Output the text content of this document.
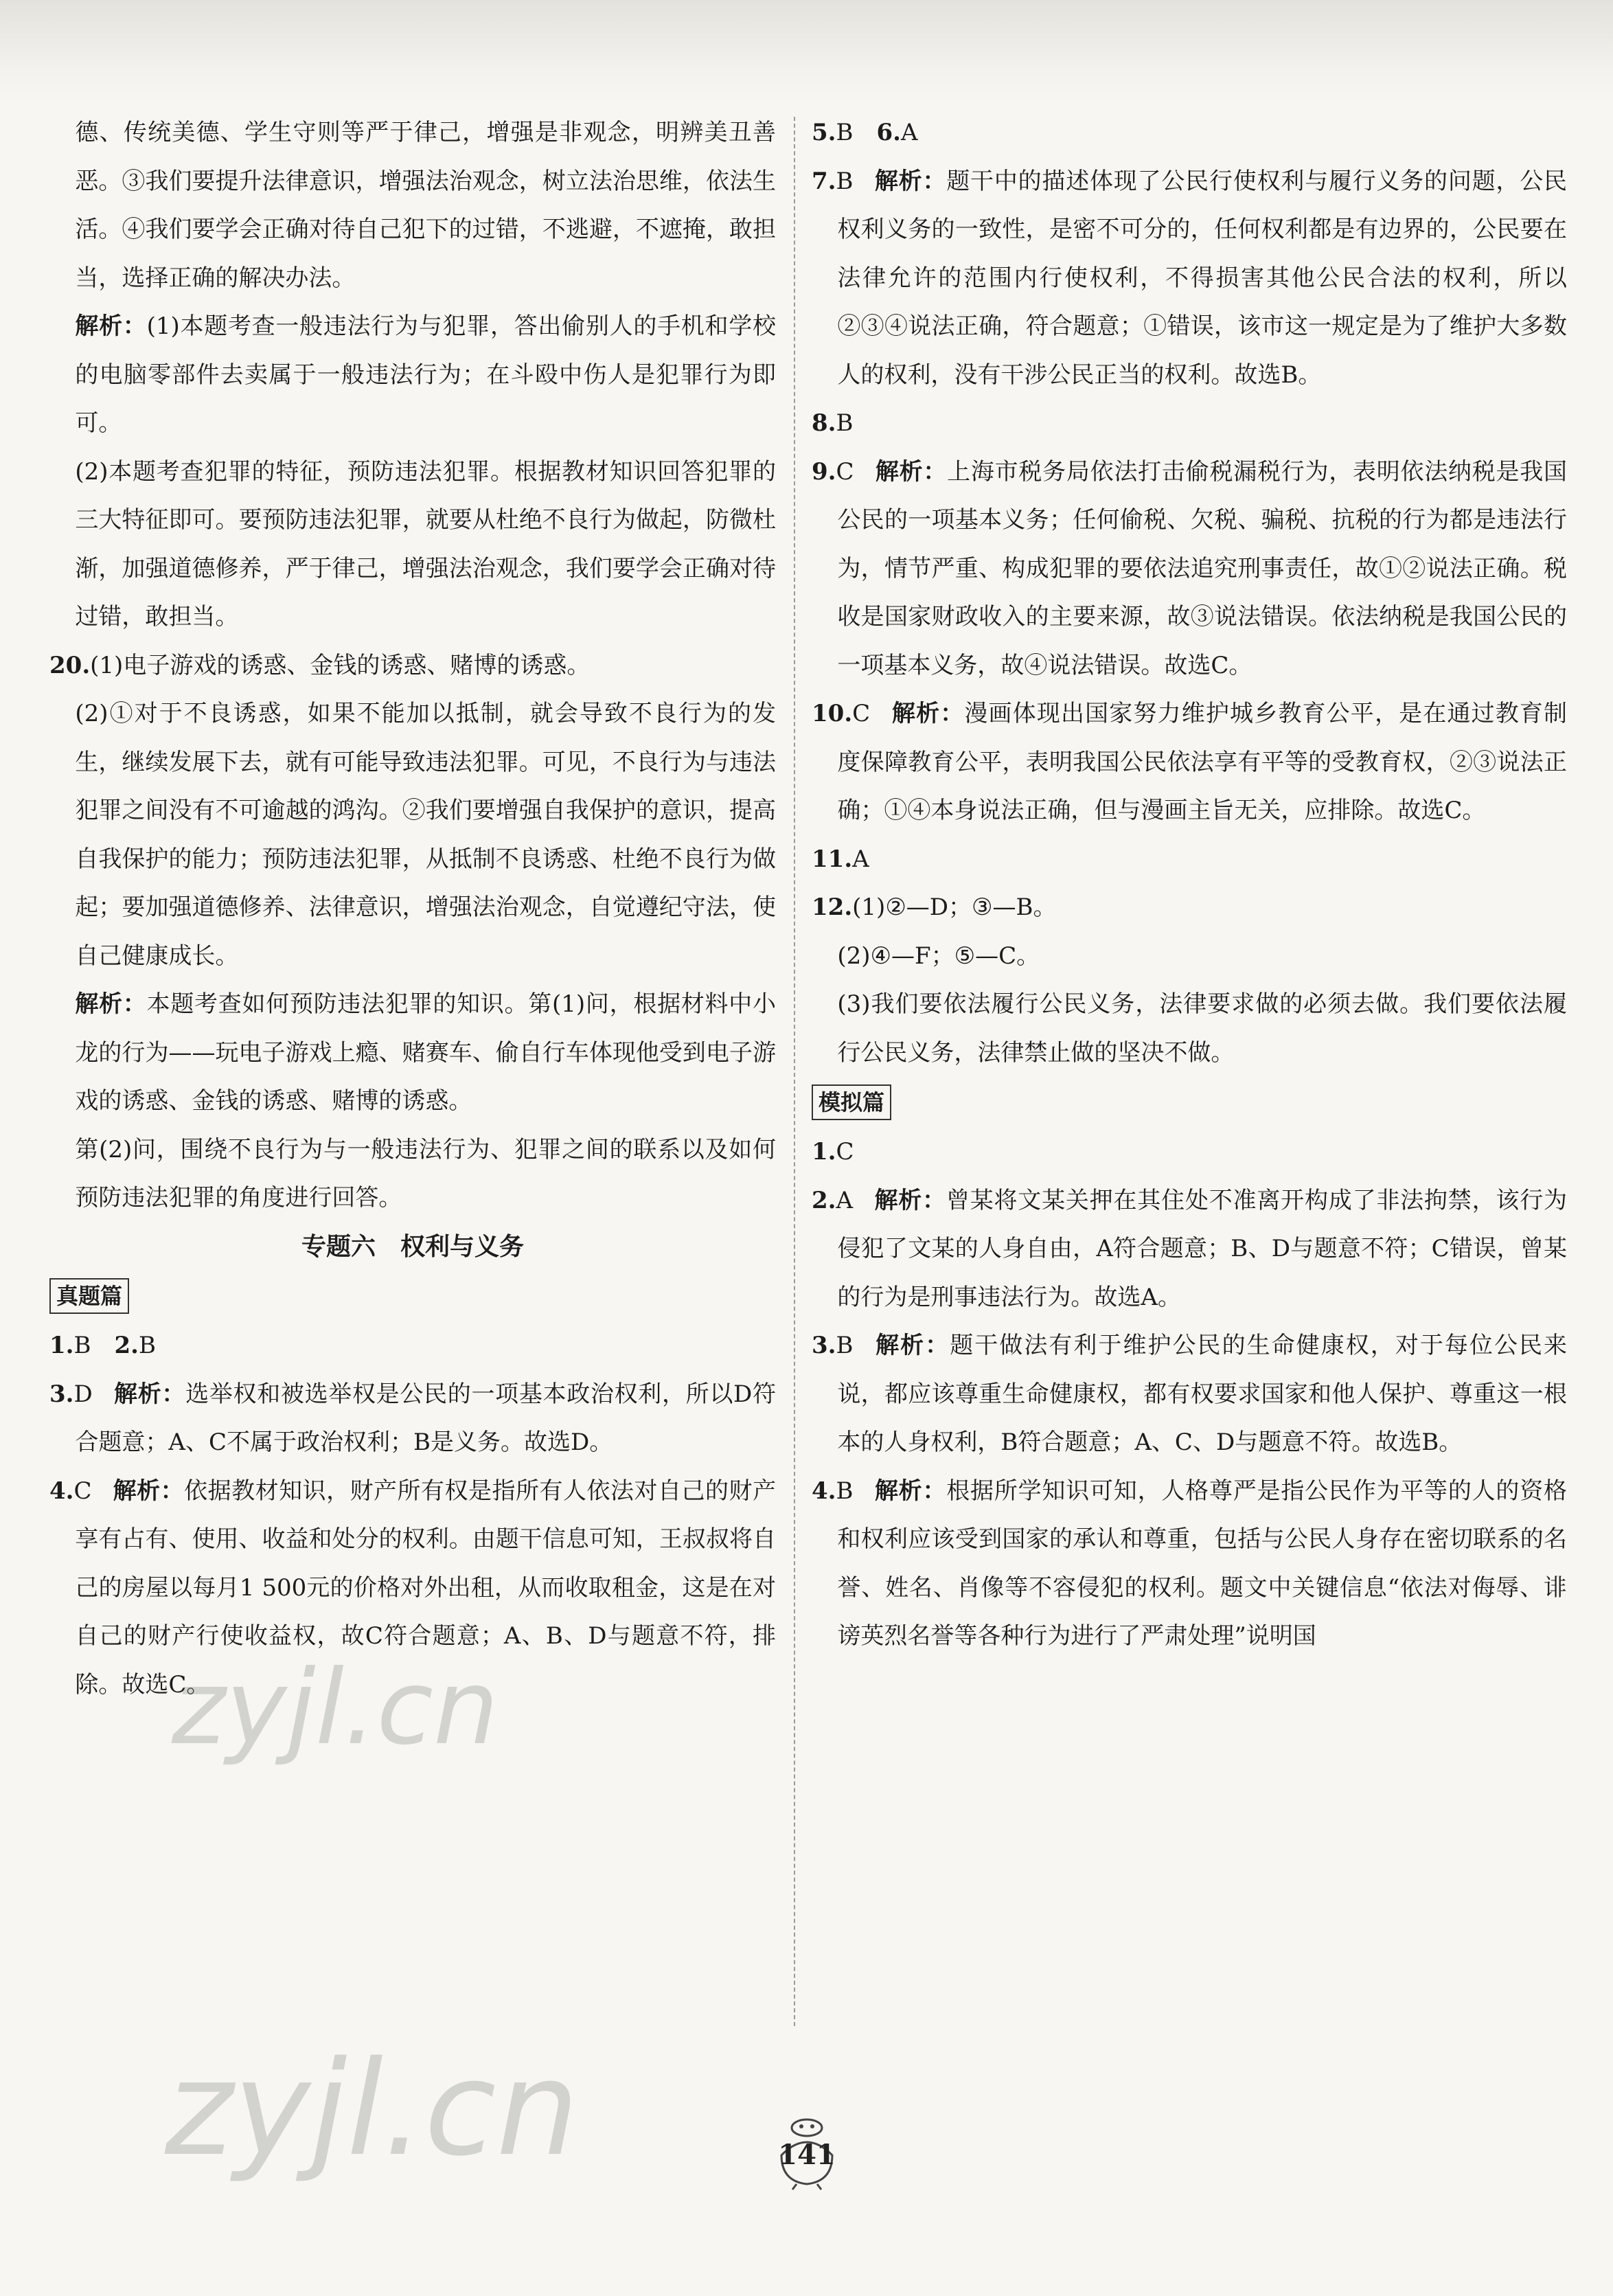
德、传统美德、学生守则等严于律己，增强是非观念，明辨美丑善恶。③我们要提升法律意识，增强法治观念，树立法治思维，依法生活。④我们要学会正确对待自己犯下的过错，不逃避，不遮掩，敢担当，选择正确的解决办法。

解析：(1)本题考查一般违法行为与犯罪，答出偷别人的手机和学校的电脑零部件去卖属于一般违法行为；在斗殴中伤人是犯罪行为即可。

(2)本题考查犯罪的特征，预防违法犯罪。根据教材知识回答犯罪的三大特征即可。要预防违法犯罪，就要从杜绝不良行为做起，防微杜渐，加强道德修养，严于律己，增强法治观念，我们要学会正确对待过错，敢担当。

20.(1)电子游戏的诱惑、金钱的诱惑、赌博的诱惑。

(2)①对于不良诱惑，如果不能加以抵制，就会导致不良行为的发生，继续发展下去，就有可能导致违法犯罪。可见，不良行为与违法犯罪之间没有不可逾越的鸿沟。②我们要增强自我保护的意识，提高自我保护的能力；预防违法犯罪，从抵制不良诱惑、杜绝不良行为做起；要加强道德修养、法律意识，增强法治观念，自觉遵纪守法，使自己健康成长。

解析：本题考查如何预防违法犯罪的知识。第(1)问，根据材料中小龙的行为——玩电子游戏上瘾、赌赛车、偷自行车体现他受到电子游戏的诱惑、金钱的诱惑、赌博的诱惑。

第(2)问，围绕不良行为与一般违法行为、犯罪之间的联系以及如何预防违法犯罪的角度进行回答。

专题六　权利与义务

真题篇

1.B　2.B

3.D 解析：选举权和被选举权是公民的一项基本政治权利，所以D符合题意；A、C不属于政治权利；B是义务。故选D。

4.C 解析：依据教材知识，财产所有权是指所有人依法对自己的财产享有占有、使用、收益和处分的权利。由题干信息可知，王叔叔将自己的房屋以每月1 500元的价格对外出租，从而收取租金，这是在对自己的财产行使收益权，故C符合题意；A、B、D与题意不符，排除。故选C。

5.B　6.A

7.B 解析：题干中的描述体现了公民行使权利与履行义务的问题，公民权利义务的一致性，是密不可分的，任何权利都是有边界的，公民要在法律允许的范围内行使权利，不得损害其他公民合法的权利，所以②③④说法正确，符合题意；①错误，该市这一规定是为了维护大多数人的权利，没有干涉公民正当的权利。故选B。

8.B

9.C 解析：上海市税务局依法打击偷税漏税行为，表明依法纳税是我国公民的一项基本义务；任何偷税、欠税、骗税、抗税的行为都是违法行为，情节严重、构成犯罪的要依法追究刑事责任，故①②说法正确。税收是国家财政收入的主要来源，故③说法错误。依法纳税是我国公民的一项基本义务，故④说法错误。故选C。

10.C 解析：漫画体现出国家努力维护城乡教育公平，是在通过教育制度保障教育公平，表明我国公民依法享有平等的受教育权，②③说法正确；①④本身说法正确，但与漫画主旨无关，应排除。故选C。

11.A

12.(1)②—D；③—B。

(2)④—F；⑤—C。

(3)我们要依法履行公民义务，法律要求做的必须去做。我们要依法履行公民义务，法律禁止做的坚决不做。

模拟篇

1.C

2.A 解析：曾某将文某关押在其住处不准离开构成了非法拘禁，该行为侵犯了文某的人身自由，A符合题意；B、D与题意不符；C错误，曾某的行为是刑事违法行为。故选A。

3.B 解析：题干做法有利于维护公民的生命健康权，对于每位公民来说，都应该尊重生命健康权，都有权要求国家和他人保护、尊重这一根本的人身权利，B符合题意；A、C、D与题意不符。故选B。

4.B 解析：根据所学知识可知，人格尊严是指公民作为平等的人的资格和权利应该受到国家的承认和尊重，包括与公民人身存在密切联系的名誉、姓名、肖像等不容侵犯的权利。题文中关键信息“依法对侮辱、诽谤英烈名誉等各种行为进行了严肃处理”说明国

zyjl.cn
zyjl.cn	141
